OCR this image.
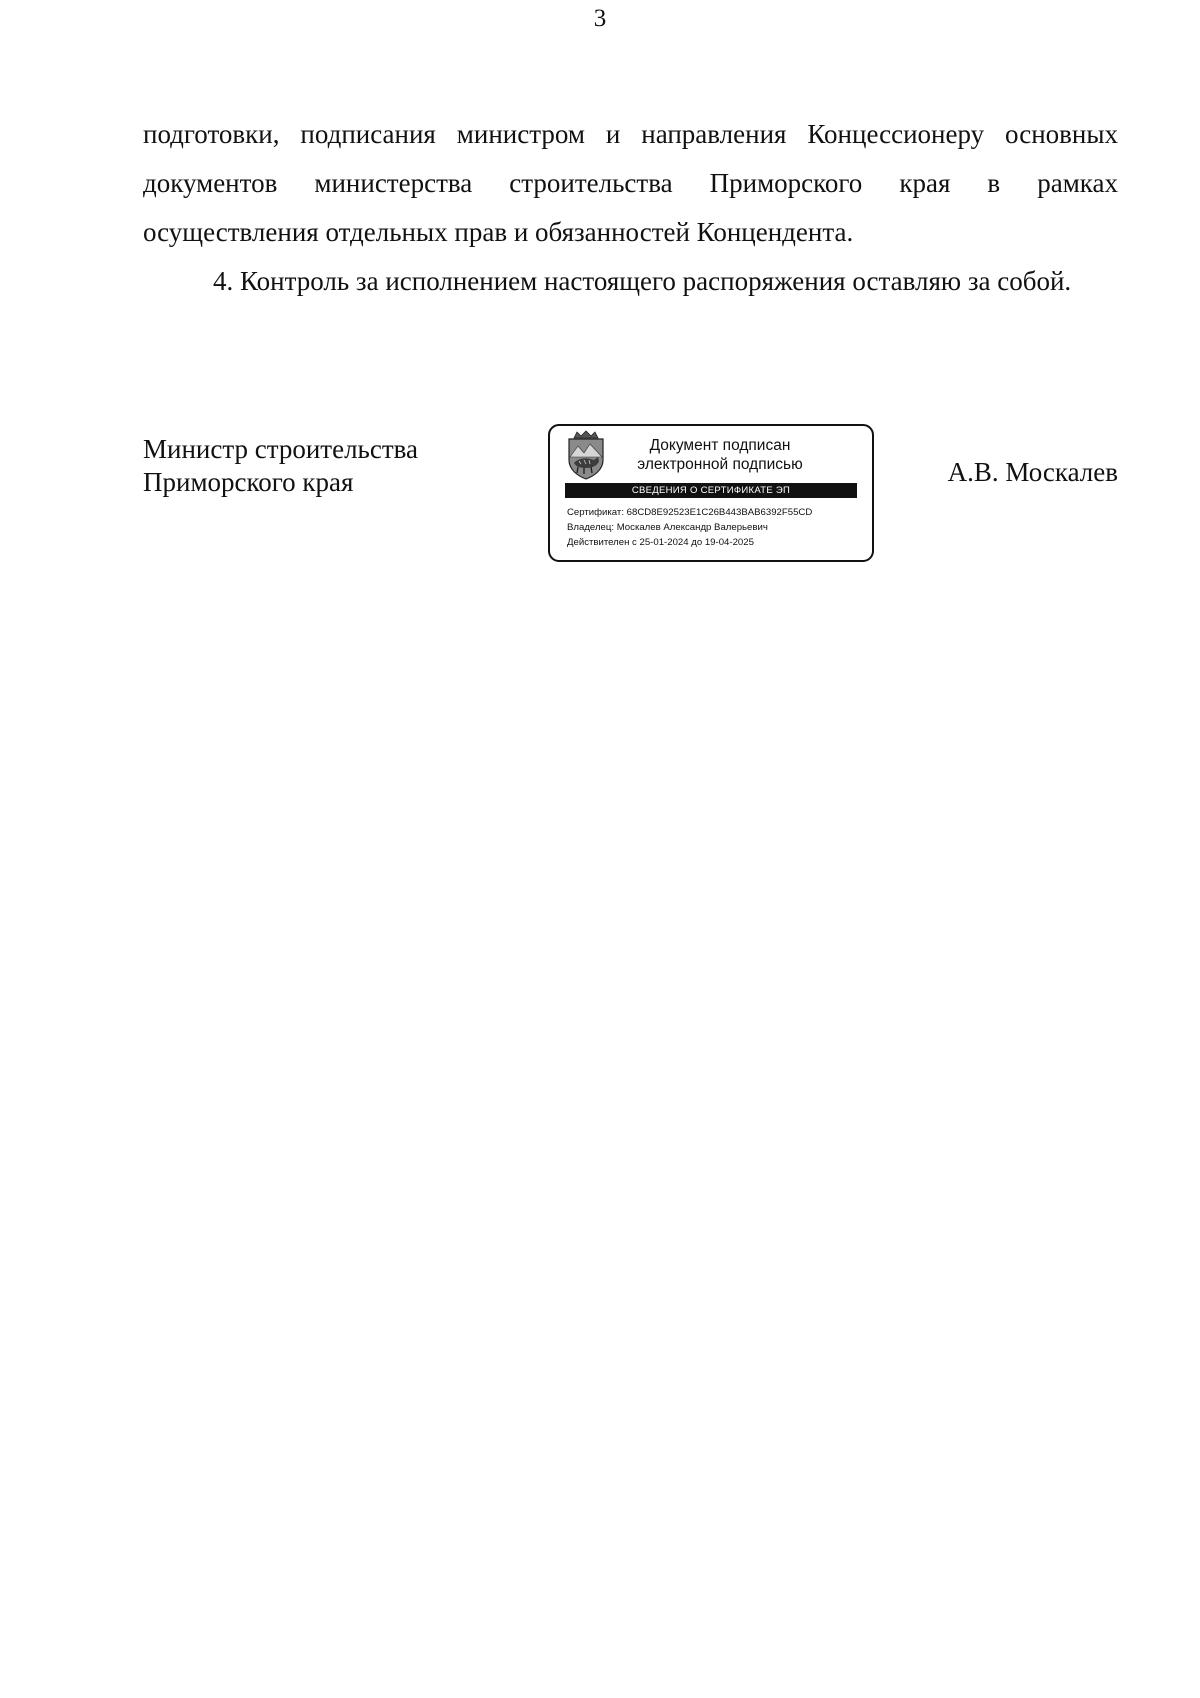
3

подготовки, подписания министром и направления Концессионеру основных документов министерства строительства Приморского края в рамках осуществления отдельных прав и обязанностей Концендента.

4. Контроль за исполнением настоящего распоряжения оставляю за собой.

Министр строительства
Приморского края
Документ подписан
электронной подписью
СВЕДЕНИЯ О СЕРТИФИКАТЕ ЭП
Сертификат: 68CD8E92523E1C26B443BAB6392F55CD
Владелец: Москалев Александр Валерьевич
Действителен с 25-01-2024 до 19-04-2025
А.В. Москалев
